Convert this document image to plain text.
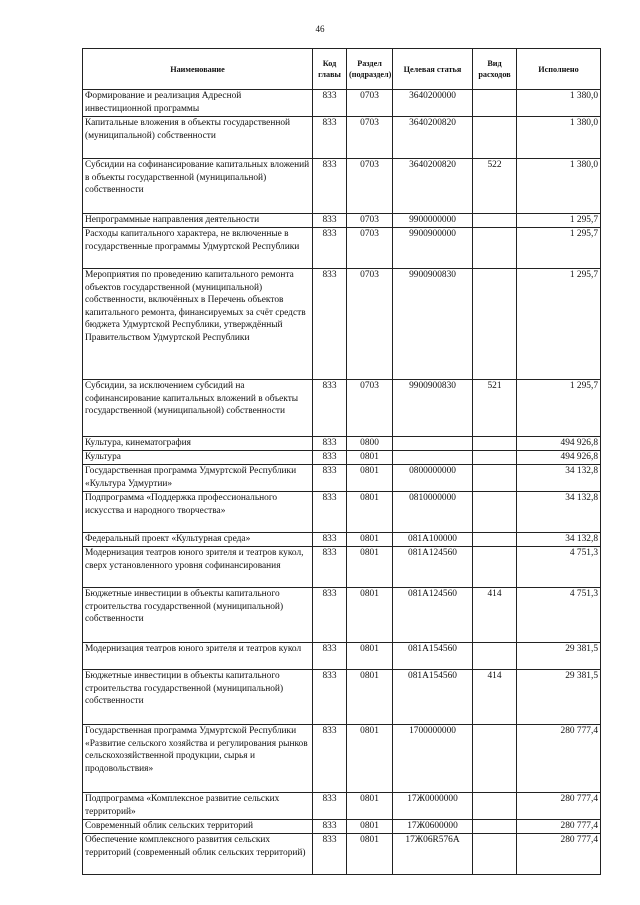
46
Наименование	Код главы	Раздел (подраздел)	Целевая статья	Вид расходов	Исполнено
Формирование и реализация Адресной инвестиционной программы	833	0703	3640200000		1 380,0
Капитальные вложения в объекты государственной (муниципальной) собственности	833	0703	3640200820		1 380,0
Субсидии на софинансирование капитальных вложений в объекты государственной (муниципальной) собственности	833	0703	3640200820	522	1 380,0
Непрограммные направления деятельности	833	0703	9900000000		1 295,7
Расходы капитального характера, не включенные в государственные программы Удмуртской Республики	833	0703	9900900000		1 295,7
Мероприятия по проведению капитального ремонта объектов государственной (муниципальной) собственности, включённых в Перечень объектов капитального ремонта, финансируемых за счёт средств бюджета Удмуртской Республики, утверждённый Правительством Удмуртской Республики	833	0703	9900900830		1 295,7
Субсидии, за исключением субсидий на софинансирование капитальных вложений в объекты государственной (муниципальной) собственности	833	0703	9900900830	521	1 295,7
Культура, кинематография	833	0800			494 926,8
Культура	833	0801			494 926,8
Государственная программа Удмуртской Республики «Культура Удмуртии»	833	0801	0800000000		34 132,8
Подпрограмма «Поддержка профессионального искусства и народного творчества»	833	0801	0810000000		34 132,8
Федеральный проект «Культурная среда»	833	0801	081А100000		34 132,8
Модернизация театров юного зрителя и театров кукол, сверх установленного уровня софинансирования	833	0801	081А124560		4 751,3
Бюджетные инвестиции в объекты капитального строительства государственной (муниципальной) собственности	833	0801	081А124560	414	4 751,3
Модернизация театров юного зрителя и театров кукол	833	0801	081А154560		29 381,5
Бюджетные инвестиции в объекты капитального строительства государственной (муниципальной) собственности	833	0801	081А154560	414	29 381,5
Государственная программа Удмуртской Республики «Развитие сельского хозяйства и регулирования рынков сельскохозяйственной продукции, сырья и продовольствия»	833	0801	1700000000		280 777,4
Подпрограмма «Комплексное развитие сельских территорий»	833	0801	17Ж0000000		280 777,4
Современный облик сельских территорий	833	0801	17Ж0600000		280 777,4
Обеспечение комплексного развития сельских территорий (современный облик сельских территорий)	833	0801	17Ж06R576А		280 777,4
